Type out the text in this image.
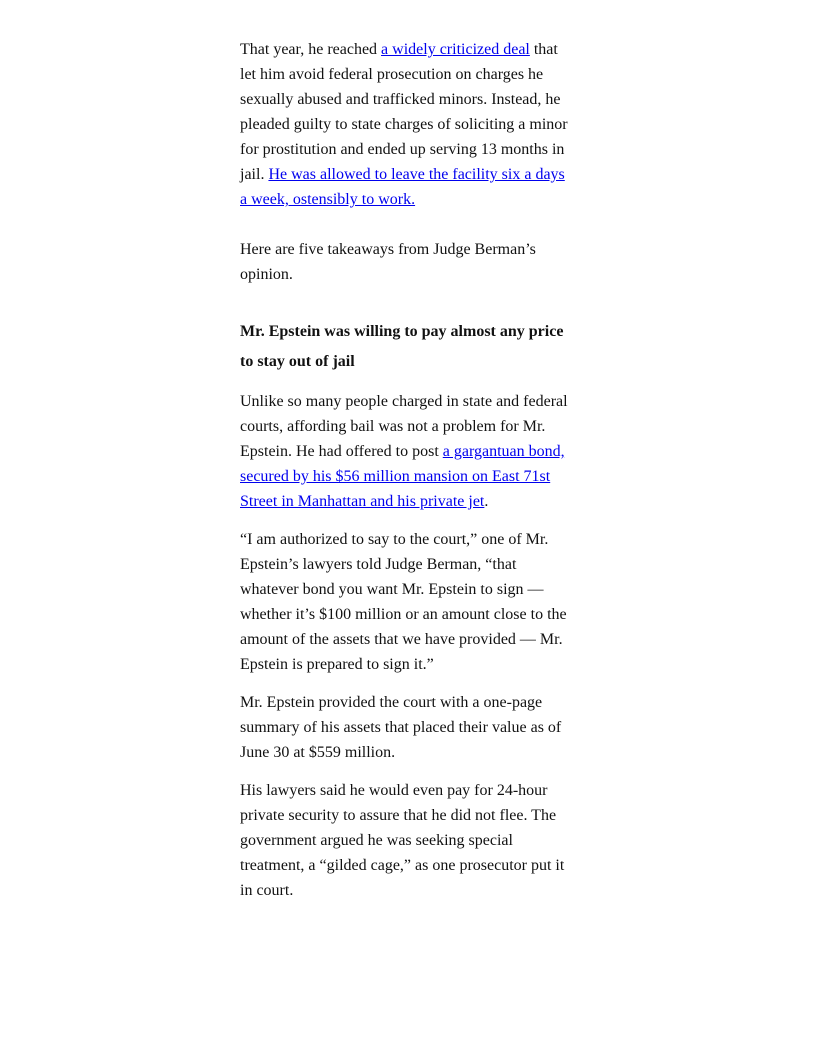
That year, he reached a widely criticized deal that let him avoid federal prosecution on charges he sexually abused and trafficked minors. Instead, he pleaded guilty to state charges of soliciting a minor for prostitution and ended up serving 13 months in jail. He was allowed to leave the facility six a days a week, ostensibly to work.

Here are five takeaways from Judge Berman’s opinion.

Mr. Epstein was willing to pay almost any price to stay out of jail

Unlike so many people charged in state and federal courts, affording bail was not a problem for Mr. Epstein. He had offered to post a gargantuan bond, secured by his $56 million mansion on East 71st Street in Manhattan and his private jet.

“I am authorized to say to the court,” one of Mr. Epstein’s lawyers told Judge Berman, “that whatever bond you want Mr. Epstein to sign — whether it’s $100 million or an amount close to the amount of the assets that we have provided — Mr. Epstein is prepared to sign it.”

Mr. Epstein provided the court with a one-page summary of his assets that placed their value as of June 30 at $559 million.

His lawyers said he would even pay for 24-hour private security to assure that he did not flee. The government argued he was seeking special treatment, a “gilded cage,” as one prosecutor put it in court.
